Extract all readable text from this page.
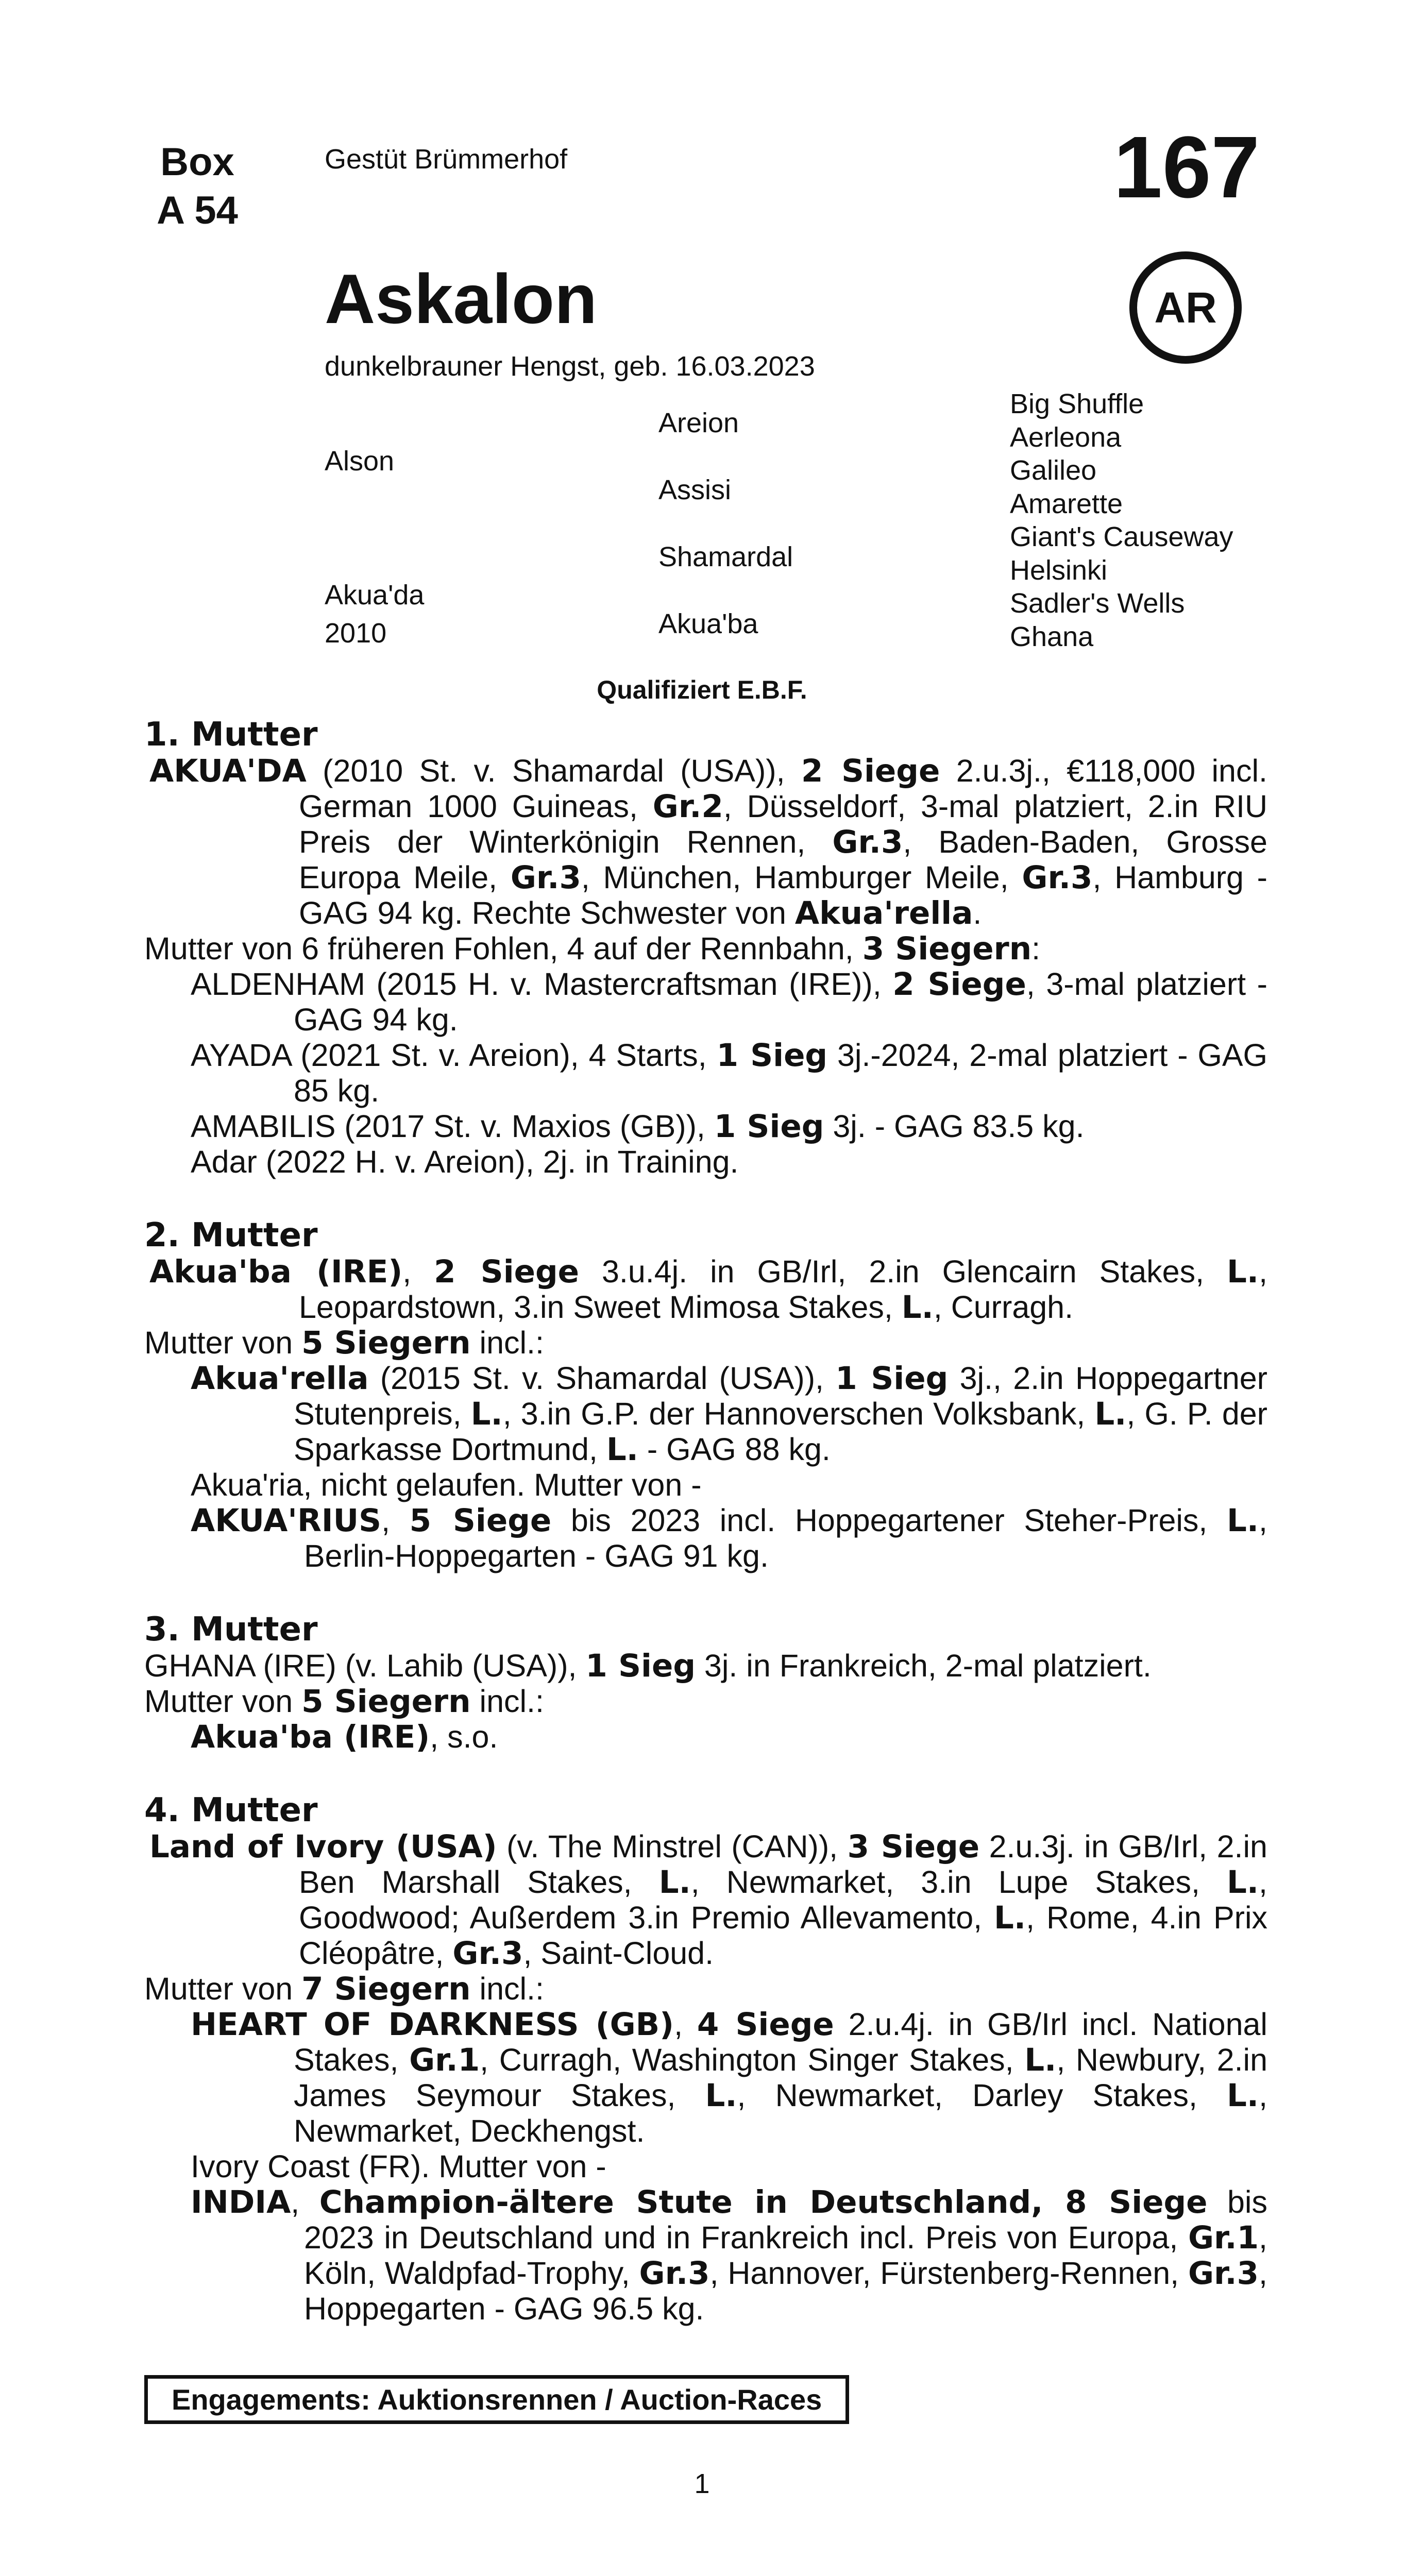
Box
A 54
Gestüt Brümmerhof	167
Askalon	AR
dunkelbrauner Hengst, geb. 16.03.2023
Alson
Akua'da
2010
Areion
Assisi
Shamardal
Akua'ba
Big Shuffle
Aerleona
Galileo
Amarette
Giant's Causeway
Helsinki
Sadler's Wells
Ghana
Qualifiziert E.B.F.
1. Mutter

AKUA'DA (2010 St. v. Shamardal (USA)), 2 Siege 2.u.3j., €118,000 incl. German 1000 Guineas, Gr.2, Düsseldorf, 3-mal platziert, 2.in RIU Preis der Winterkönigin Rennen, Gr.3, Baden-Baden, Grosse Europa Meile, Gr.3, München, Hamburger Meile, Gr.3, Hamburg - GAG 94 kg. Rechte Schwester von Akua'rella.

Mutter von 6 früheren Fohlen, 4 auf der Rennbahn, 3 Siegern:

ALDENHAM (2015 H. v. Mastercraftsman (IRE)), 2 Siege, 3-mal platziert - GAG 94 kg.

AYADA (2021 St. v. Areion), 4 Starts, 1 Sieg 3j.-2024, 2-mal platziert - GAG 85 kg.

AMABILIS (2017 St. v. Maxios (GB)), 1 Sieg 3j. - GAG 83.5 kg.

Adar (2022 H. v. Areion), 2j. in Training.

2. Mutter

Akua'ba (IRE), 2 Siege 3.u.4j. in GB/Irl, 2.in Glencairn Stakes, L., Leopardstown, 3.in Sweet Mimosa Stakes, L., Curragh.

Mutter von 5 Siegern incl.:

Akua'rella (2015 St. v. Shamardal (USA)), 1 Sieg 3j., 2.in Hoppegartner Stutenpreis, L., 3.in G.P. der Hannoverschen Volksbank, L., G. P. der Sparkasse Dortmund, L. - GAG 88 kg.

Akua'ria, nicht gelaufen. Mutter von -

AKUA'RIUS, 5 Siege bis 2023 incl. Hoppegartener Steher-Preis, L., Berlin-Hoppegarten - GAG 91 kg.

3. Mutter

GHANA (IRE) (v. Lahib (USA)), 1 Sieg 3j. in Frankreich, 2-mal platziert.

Mutter von 5 Siegern incl.:

Akua'ba (IRE), s.o.

4. Mutter

Land of Ivory (USA) (v. The Minstrel (CAN)), 3 Siege 2.u.3j. in GB/Irl, 2.in Ben Marshall Stakes, L., Newmarket, 3.in Lupe Stakes, L., Goodwood; Außerdem 3.in Premio Allevamento, L., Rome, 4.in Prix Cléopâtre, Gr.3, Saint-Cloud.

Mutter von 7 Siegern incl.:

HEART OF DARKNESS (GB), 4 Siege 2.u.4j. in GB/Irl incl. National Stakes, Gr.1, Curragh, Washington Singer Stakes, L., Newbury, 2.in James Seymour Stakes, L., Newmarket, Darley Stakes, L., Newmarket, Deckhengst.

Ivory Coast (FR). Mutter von -

INDIA, Champion-ältere Stute in Deutschland, 8 Siege bis 2023 in Deutschland und in Frankreich incl. Preis von Europa, Gr.1, Köln, Waldpfad-Trophy, Gr.3, Hannover, Fürstenberg-Rennen, Gr.3, Hoppegarten - GAG 96.5 kg.

Engagements: Auktionsrennen / Auction-Races
1
